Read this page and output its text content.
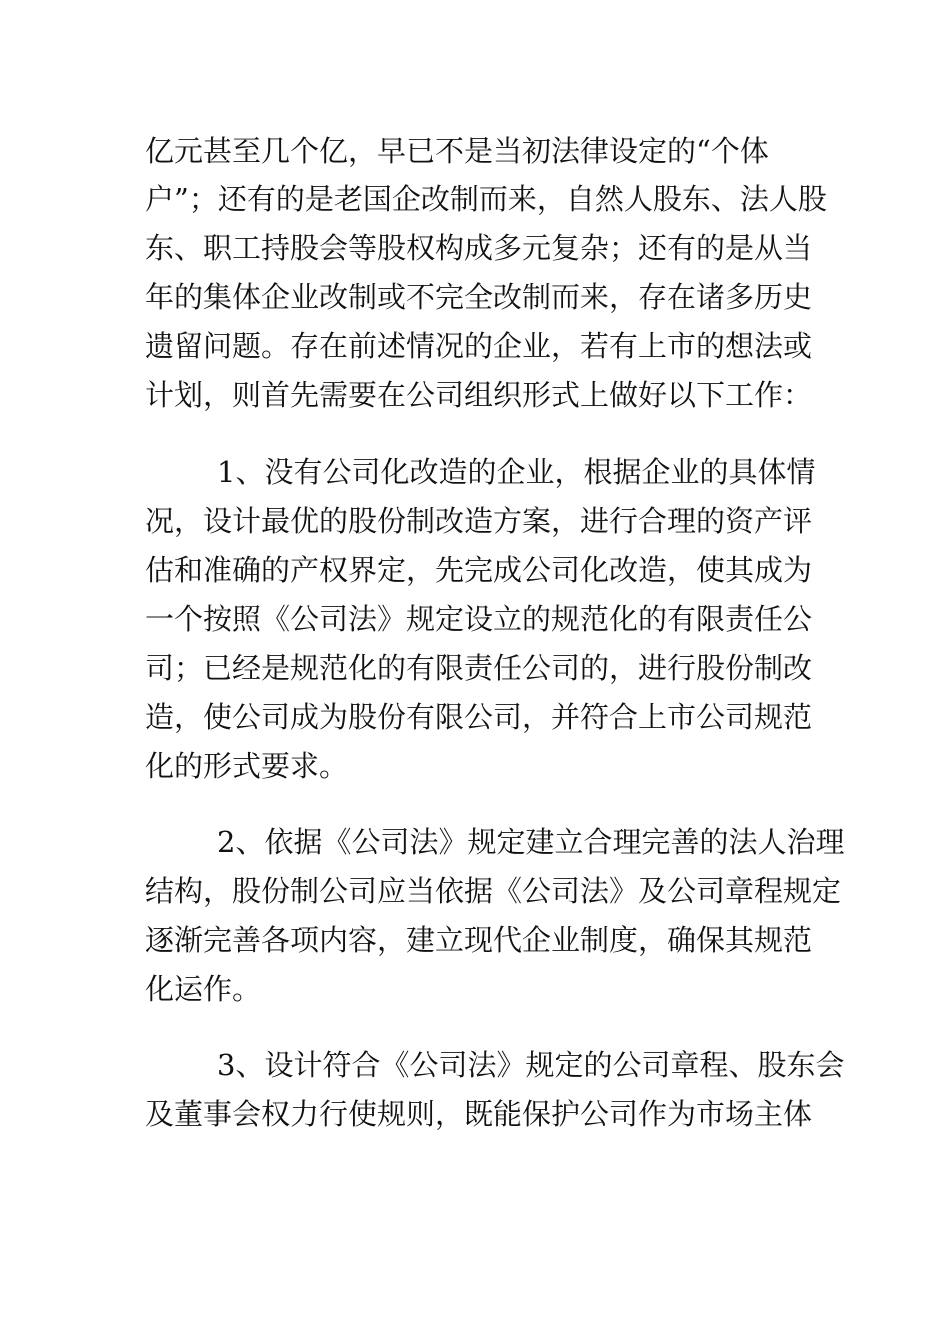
亿元甚至几个亿，早已不是当初法律设定的“个体
户”；还有的是老国企改制而来，自然人股东、法人股
东、职工持股会等股权构成多元复杂；还有的是从当
年的集体企业改制或不完全改制而来，存在诸多历史
遗留问题。存在前述情况的企业，若有上市的想法或
计划，则首先需要在公司组织形式上做好以下工作：
1、没有公司化改造的企业，根据企业的具体情
况，设计最优的股份制改造方案，进行合理的资产评
估和准确的产权界定，先完成公司化改造，使其成为
一个按照《公司法》规定设立的规范化的有限责任公
司；已经是规范化的有限责任公司的，进行股份制改
造，使公司成为股份有限公司，并符合上市公司规范
化的形式要求。
2、依据《公司法》规定建立合理完善的法人治理
结构，股份制公司应当依据《公司法》及公司章程规定
逐渐完善各项内容，建立现代企业制度，确保其规范
化运作。
3、设计符合《公司法》规定的公司章程、股东会
及董事会权力行使规则，既能保护公司作为市场主体
